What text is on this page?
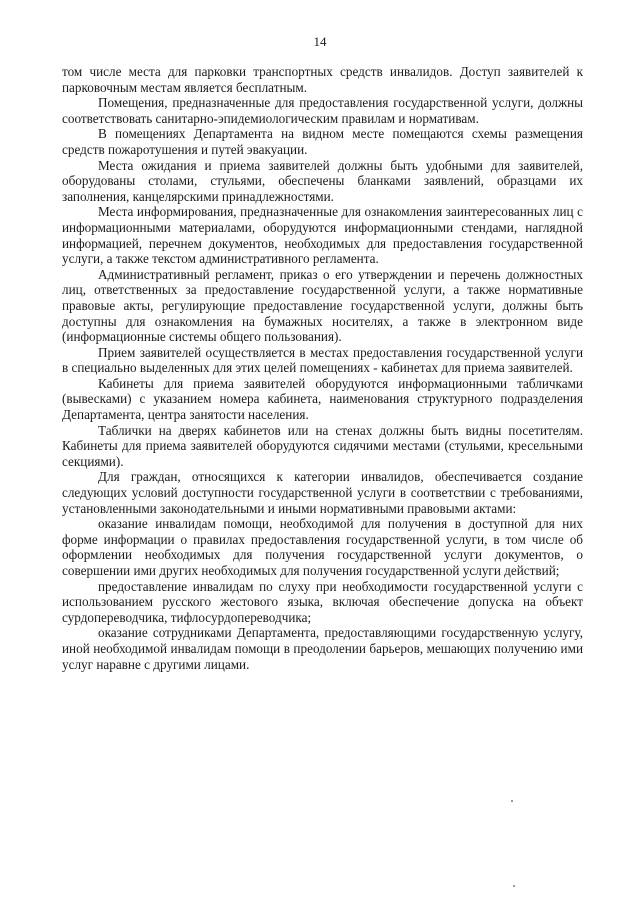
14

том числе места для парковки транспортных средств инвалидов. Доступ заявителей к парковочным местам является бесплатным.

Помещения, предназначенные для предоставления государственной услуги, должны соответствовать санитарно-эпидемиологическим правилам и нормативам.

В помещениях Департамента на видном месте помещаются схемы размещения средств пожаротушения и путей эвакуации.

Места ожидания и приема заявителей должны быть удобными для заявителей, оборудованы столами, стульями, обеспечены бланками заявлений, образцами их заполнения, канцелярскими принадлежностями.

Места информирования, предназначенные для ознакомления заинтересованных лиц с информационными материалами, оборудуются информационными стендами, наглядной информацией, перечнем документов, необходимых для предоставления государственной услуги, а также текстом административного регламента.

Административный регламент, приказ о его утверждении и перечень должностных лиц, ответственных за предоставление государственной услуги, а также нормативные правовые акты, регулирующие предоставление государственной услуги, должны быть доступны для ознакомления на бумажных носителях, а также в электронном виде (информационные системы общего пользования).

Прием заявителей осуществляется в местах предоставления государственной услуги в специально выделенных для этих целей помещениях - кабинетах для приема заявителей.

Кабинеты для приема заявителей оборудуются информационными табличками (вывесками) с указанием номера кабинета, наименования структурного подразделения Департамента, центра занятости населения.

Таблички на дверях кабинетов или на стенах должны быть видны посетителям. Кабинеты для приема заявителей оборудуются сидячими местами (стульями, кресельными секциями).

Для граждан, относящихся к категории инвалидов, обеспечивается создание следующих условий доступности государственной услуги в соответствии с требованиями, установленными законодательными и иными нормативными правовыми актами:

оказание инвалидам помощи, необходимой для получения в доступной для них форме информации о правилах предоставления государственной услуги, в том числе об оформлении необходимых для получения государственной услуги документов, о совершении ими других необходимых для получения государственной услуги действий;

предоставление инвалидам по слуху при необходимости государственной услуги с использованием русского жестового языка, включая обеспечение допуска на объект сурдопереводчика, тифлосурдопереводчика;

оказание сотрудниками Департамента, предоставляющими государственную услугу, иной необходимой инвалидам помощи в преодолении барьеров, мешающих получению ими услуг наравне с другими лицами.
